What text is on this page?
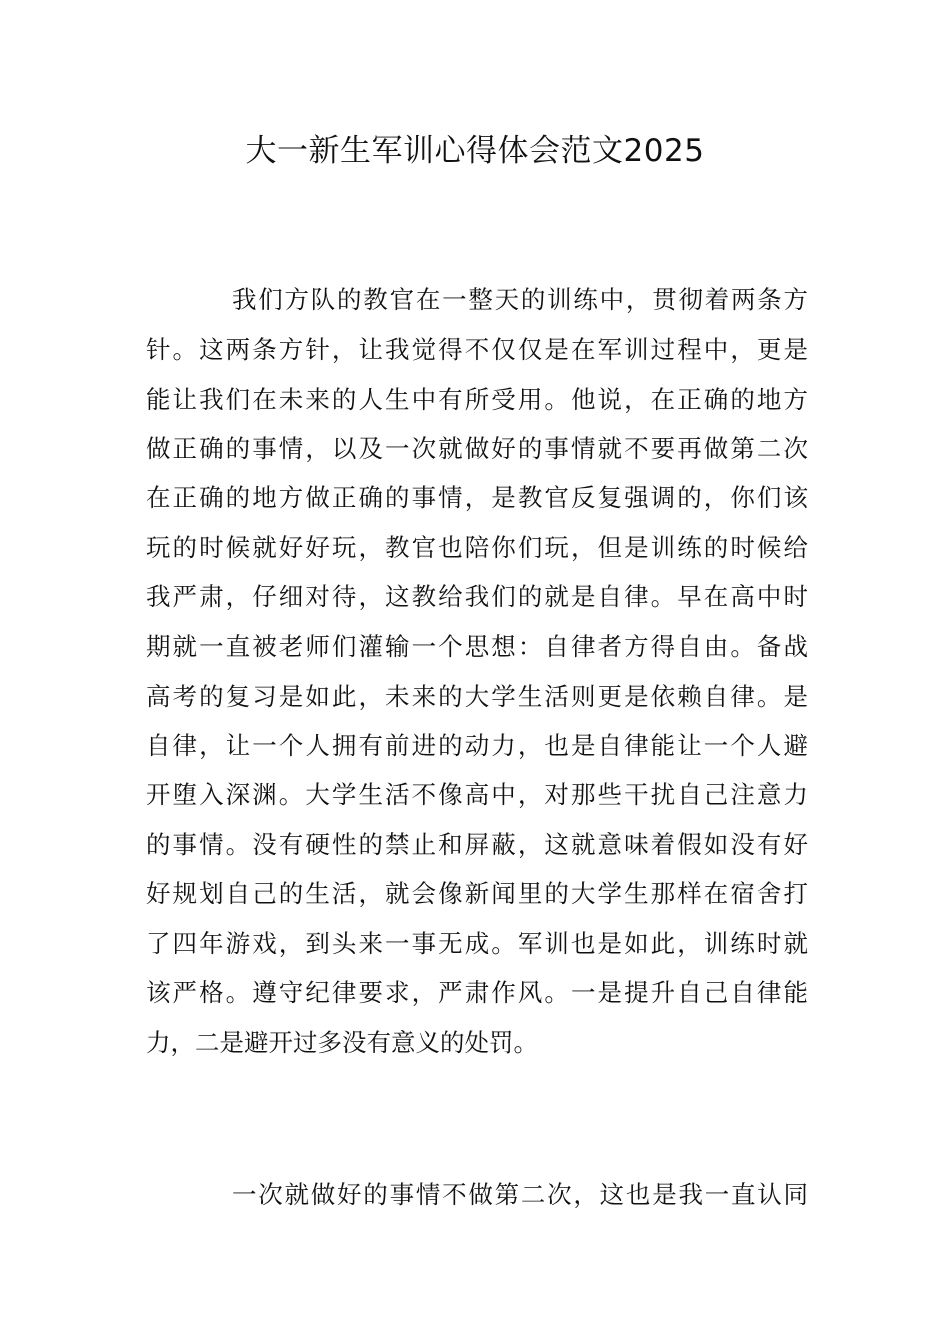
大一新生军训心得体会范文2025
我们方队的教官在一整天的训练中，贯彻着两条方
针。这两条方针，让我觉得不仅仅是在军训过程中，更是
能让我们在未来的人生中有所受用。他说，在正确的地方
做正确的事情，以及一次就做好的事情就不要再做第二次
在正确的地方做正确的事情，是教官反复强调的，你们该
玩的时候就好好玩，教官也陪你们玩，但是训练的时候给
我严肃，仔细对待，这教给我们的就是自律。早在高中时
期就一直被老师们灌输一个思想：自律者方得自由。备战
高考的复习是如此，未来的大学生活则更是依赖自律。是
自律，让一个人拥有前进的动力，也是自律能让一个人避
开堕入深渊。大学生活不像高中，对那些干扰自己注意力
的事情。没有硬性的禁止和屏蔽，这就意味着假如没有好
好规划自己的生活，就会像新闻里的大学生那样在宿舍打
了四年游戏，到头来一事无成。军训也是如此，训练时就
该严格。遵守纪律要求，严肃作风。一是提升自己自律能
力，二是避开过多没有意义的处罚。
一次就做好的事情不做第二次，这也是我一直认同
